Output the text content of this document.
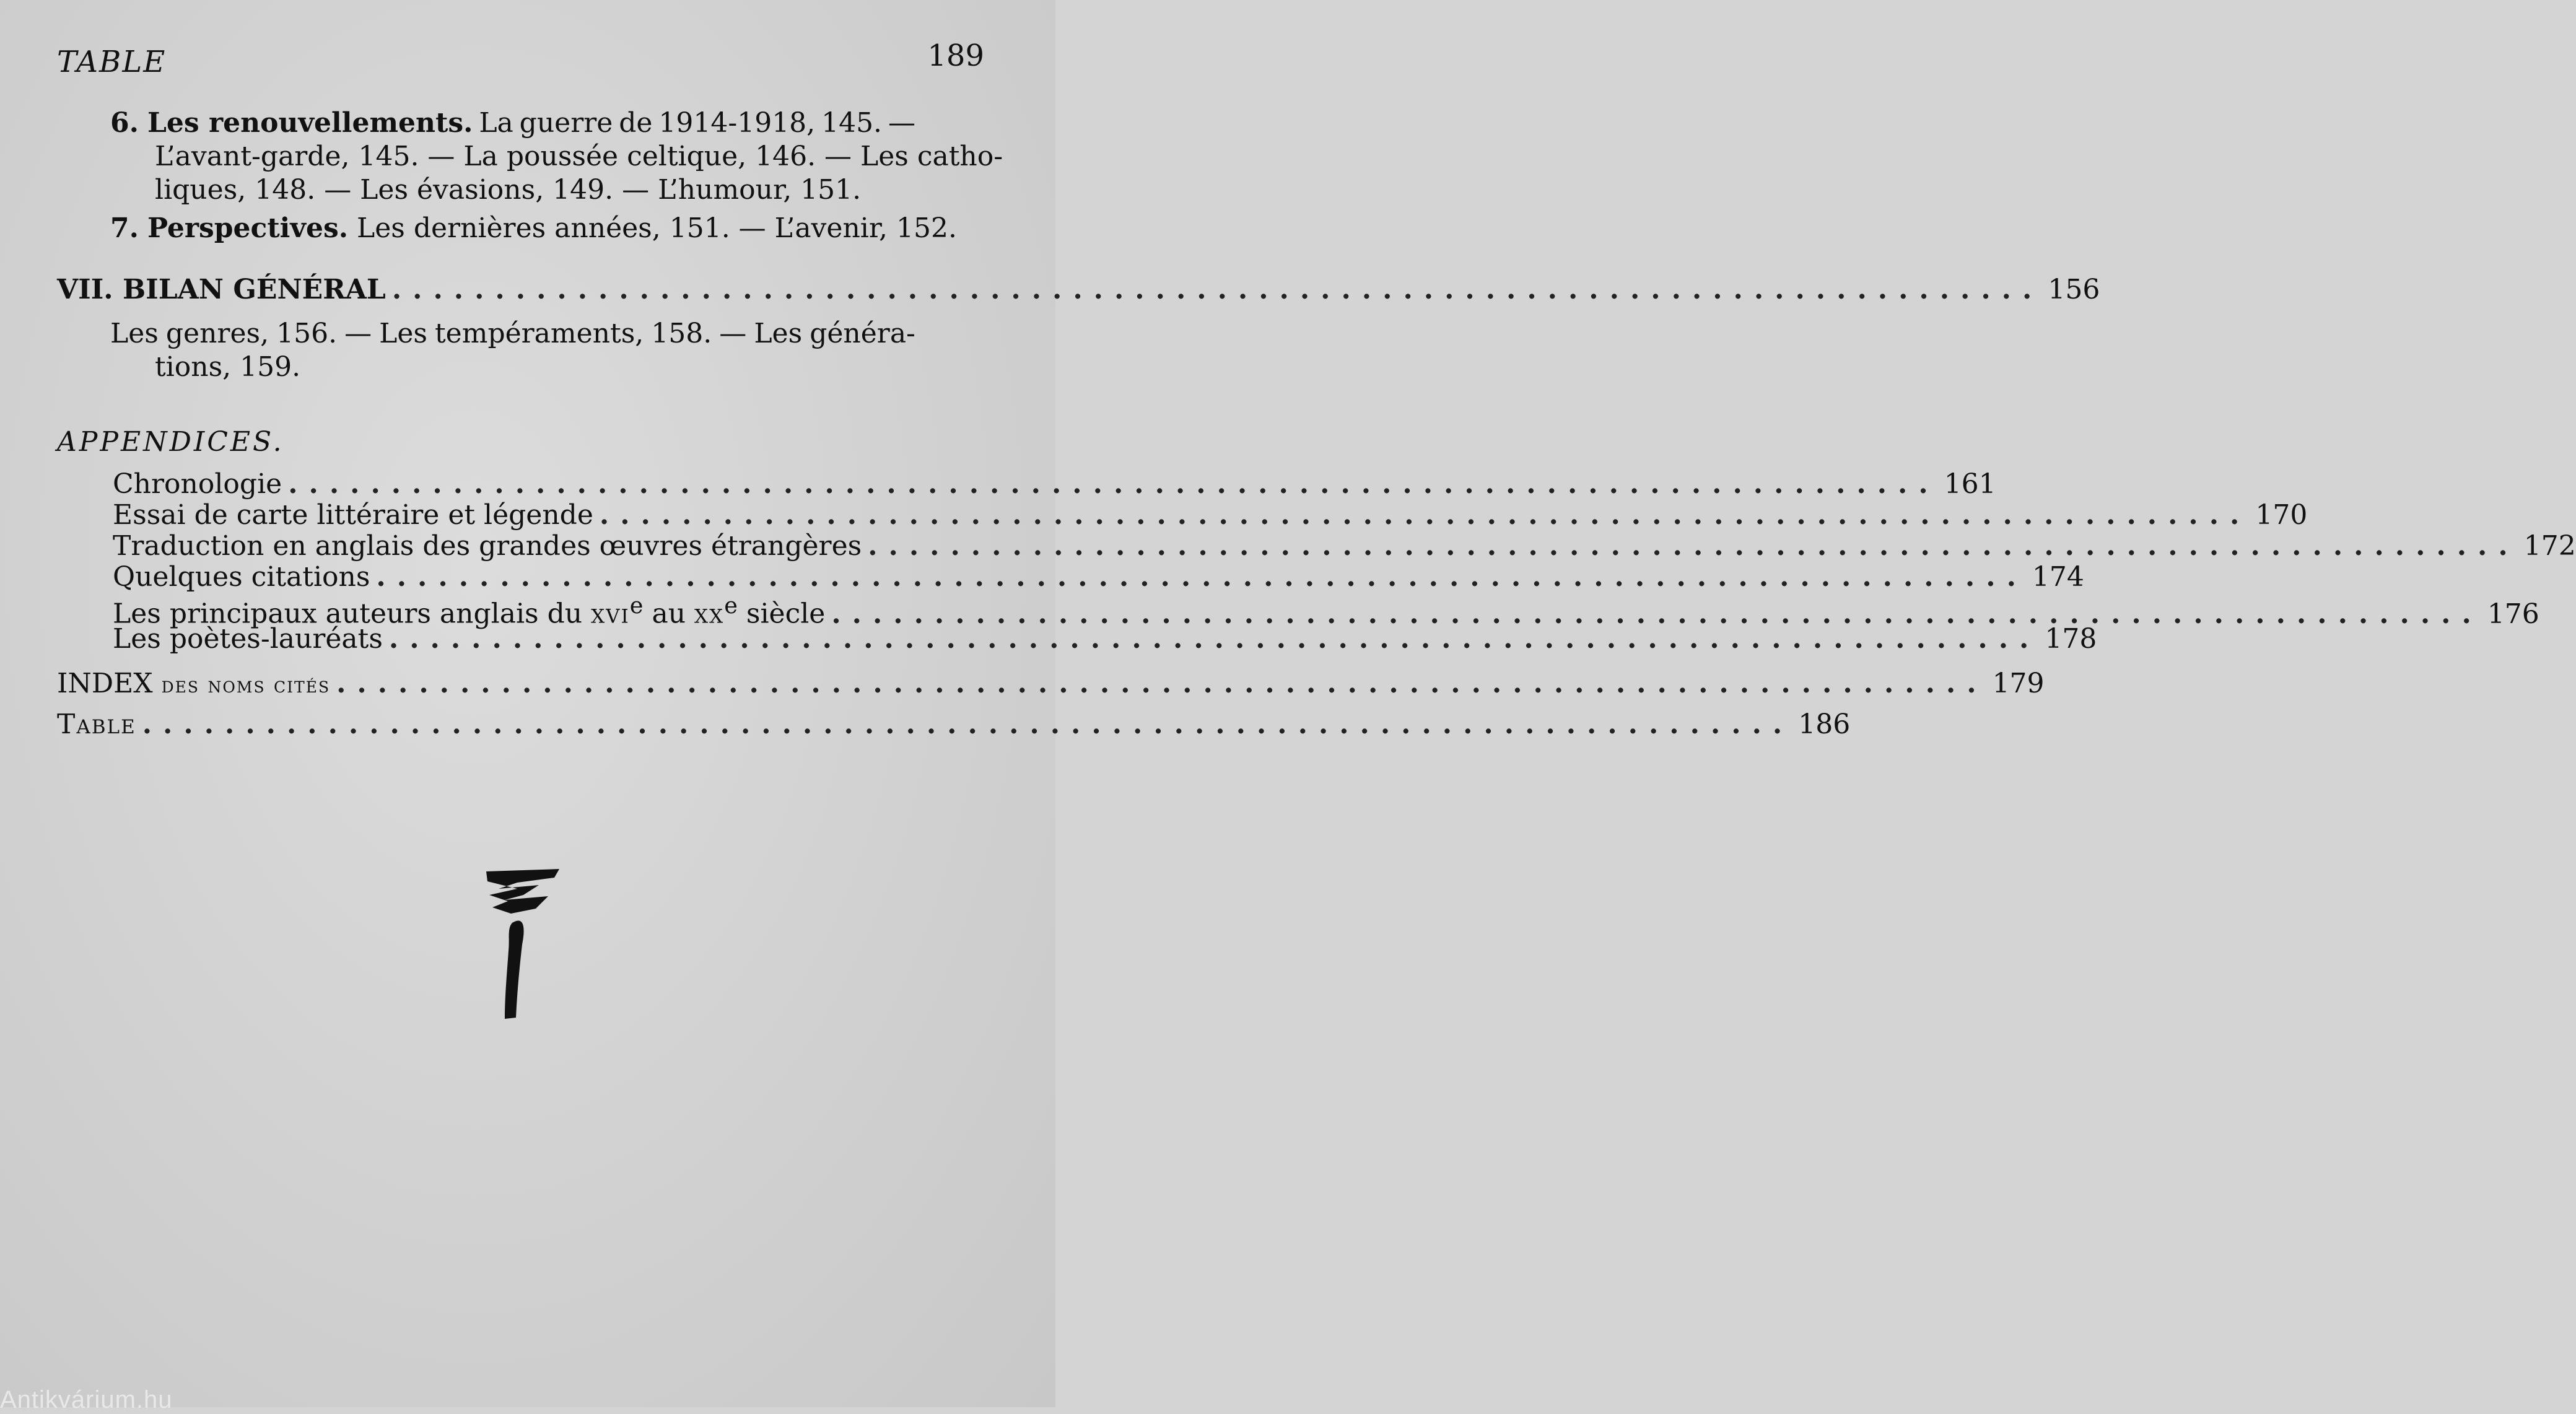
TABLE	189
6. Les renouvellements. La guerre de 1914-1918, 145. —
L’avant-garde, 145. — La poussée celtique, 146. — Les catho-
liques, 148. — Les évasions, 149. — L’humour, 151.
7. Perspectives. Les dernières années, 151. — L’avenir, 152.
VII. BILAN GÉNÉRAL ................................................................................ 156
Les genres, 156. — Les tempéraments, 158. — Les généra-
tions, 159.
APPENDICES.
Chronologie ................................................................................ 161
Essai de carte littéraire et légende ................................................................................ 170
Traduction en anglais des grandes œuvres étrangères ................................................................................ 172
Quelques citations ................................................................................ 174
Les principaux auteurs anglais du xvi$^e$ au $xx^e$ siècle ................................................................................ 176
Les poètes-lauréats ................................................................................ 178
INDEX des noms cités ................................................................................ 179
Table ................................................................................ 186
Antikvárium.hu
